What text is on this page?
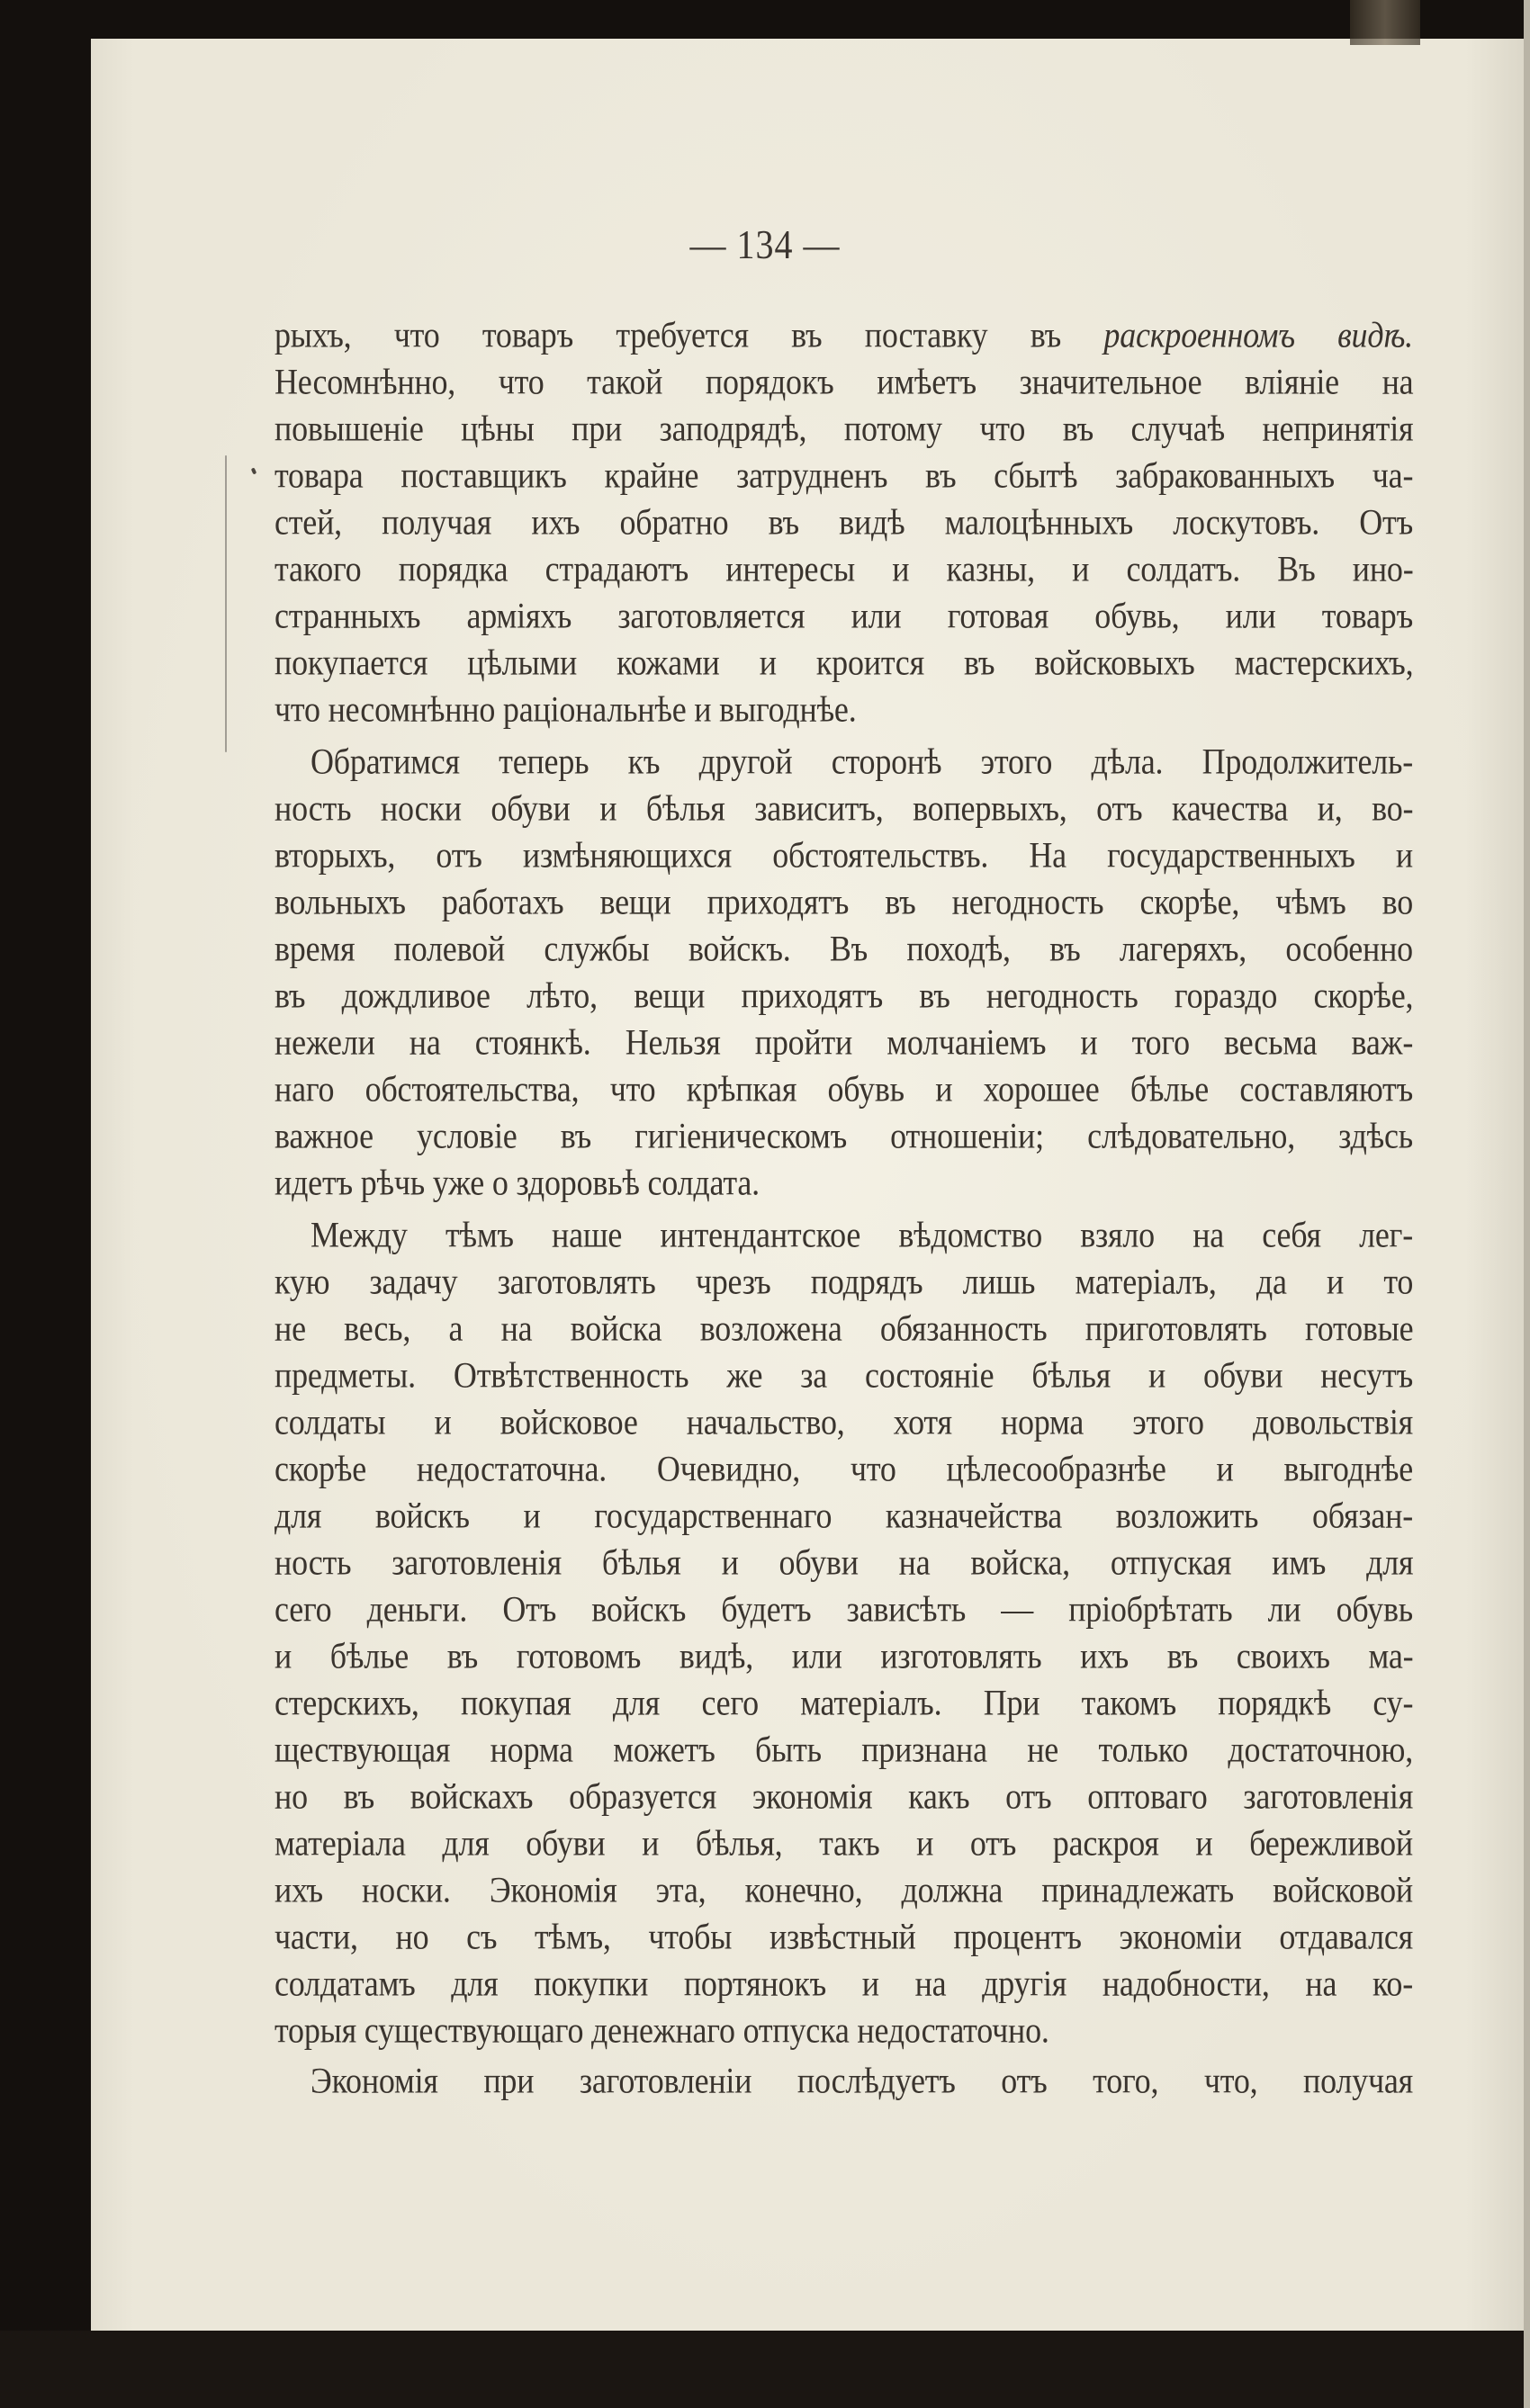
— 134 —
рыхъ, что товаръ требуется въ поставку въ раскроенномъ видѣ.
Несомнѣнно, что такой порядокъ имѣетъ значительное вліяніе на
повышеніе цѣны при заподрядѣ, потому что въ случаѣ непринятія
товара поставщикъ крайне затрудненъ въ сбытѣ забракованныхъ ча-
стей, получая ихъ обратно въ видѣ малоцѣнныхъ лоскутовъ. Отъ
такого порядка страдаютъ интересы и казны, и солдатъ. Въ ино-
странныхъ арміяхъ заготовляется или готовая обувь, или товаръ
покупается цѣлыми кожами и кроится въ войсковыхъ мастерскихъ,
что несомнѣнно раціональнѣе и выгоднѣе.
Обратимся теперь къ другой сторонѣ этого дѣла. Продолжитель-
ность носки обуви и бѣлья зависитъ, вопервыхъ, отъ качества и, во-
вторыхъ, отъ измѣняющихся обстоятельствъ. На государственныхъ и
вольныхъ работахъ вещи приходятъ въ негодность скорѣе, чѣмъ во
время полевой службы войскъ. Въ походѣ, въ лагеряхъ, особенно
въ дождливое лѣто, вещи приходятъ въ негодность гораздо скорѣе,
нежели на стоянкѣ. Нельзя пройти молчаніемъ и того весьма важ-
наго обстоятельства, что крѣпкая обувь и хорошее бѣлье составляютъ
важное условіе въ гигіеническомъ отношеніи; слѣдовательно, здѣсь
идетъ рѣчь уже о здоровьѣ солдата.
Между тѣмъ наше интендантское вѣдомство взяло на себя лег-
кую задачу заготовлять чрезъ подрядъ лишь матеріалъ, да и то
не весь, а на войска возложена обязанность приготовлять готовые
предметы. Отвѣтственность же за состояніе бѣлья и обуви несутъ
солдаты и войсковое начальство, хотя норма этого довольствія
скорѣе недостаточна. Очевидно, что цѣлесообразнѣе и выгоднѣе
для войскъ и государственнаго казначейства возложить обязан-
ность заготовленія бѣлья и обуви на войска, отпуская имъ для
сего деньги. Отъ войскъ будетъ зависѣть — пріобрѣтать ли обувь
и бѣлье въ готовомъ видѣ, или изготовлять ихъ въ своихъ ма-
стерскихъ, покупая для сего матеріалъ. При такомъ порядкѣ су-
ществующая норма можетъ быть признана не только достаточною,
но въ войскахъ образуется экономія какъ отъ оптоваго заготовленія
матеріала для обуви и бѣлья, такъ и отъ раскроя и бережливой
ихъ носки. Экономія эта, конечно, должна принадлежать войсковой
части, но съ тѣмъ, чтобы извѣстный процентъ экономіи отдавался
солдатамъ для покупки портянокъ и на другія надобности, на ко-
торыя существующаго денежнаго отпуска недостаточно.
Экономія при заготовленіи послѣдуетъ отъ того, что, получая
